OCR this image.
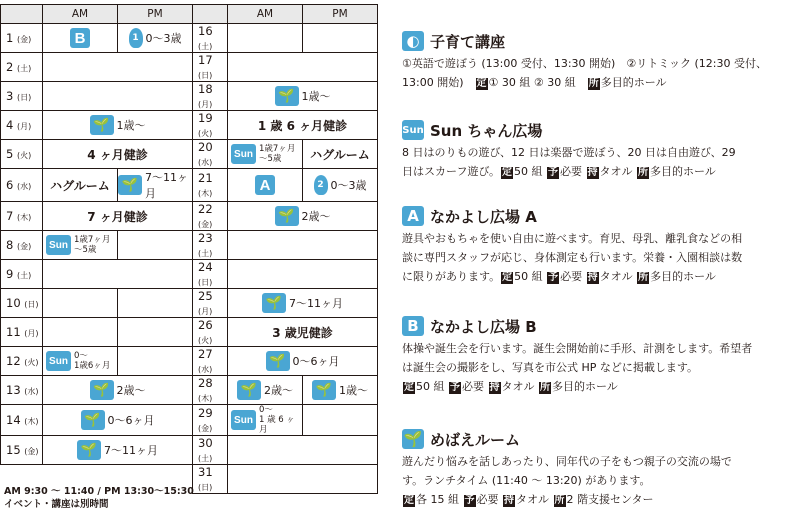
	AM	PM		AM	PM
1 (金)	B	1 0～3歳	16 (土)		
2 (土)			17 (日)		
3 (日)			18 (月)	🌱 1歳～	

4 (月)	🌱 1歳～		19 (火)	1 歳 6 ヶ月健診	
5 (火)	4 ヶ月健診		20 (水)	Sun 1歳7ヶ月
～5歳	ハグルーム
6 (水)	ハグルーム	🌱 7～11ヶ月	21 (木)	A	2 0～3歳

7 (木)	7 ヶ月健診		22 (金)	🌱 2歳～	

8 (金)	Sun 1歳7ヶ月
～5歳		23 (土)		
9 (土)			24 (日)		
10 (日)			25 (月)	🌱 7～11ヶ月	

11 (月)			26 (火)	3 歳児健診	
12 (火)	Sun 0～
1歳6ヶ月		27 (水)	🌱 0～6ヶ月	

13 (水)	🌱 2歳～		28 (木)	🌱 2歳～	🌱 1歳～

14 (木)	🌱 0～6ヶ月		29 (金)	Sun
0～
1 歳 6 ヶ月	

15 (金)	🌱 7～11ヶ月		30 (土)		
			31 (日)		
AM 9:30 ～ 11:40 / PM 13:30～15:30
イベント・講座は別時間
◐ 子育て講座
①英語で遊ぼう (13:00 受付、13:30 開始)　②リトミック (12:30 受付、
13:00 開始)　 定 ① 30 組 ② 30 組　 所 多目的ホール
Sun Sun ちゃん広場
8 日はのりもの遊び、12 日は楽器で遊ぼう、20 日は自由遊び、29
日はスカーフ遊び。 定 50 組 予 必要 持 タオル 所 多目的ホール
A なかよし広場 A
遊具やおもちゃを使い自由に遊べます。育児、母乳、離乳食などの相
談に専門スタッフが応じ、身体測定も行います。栄養・入園相談は数
に限りがあります。 定 50 組 予 必要 持 タオル 所 多目的ホール
B なかよし広場 B
体操や誕生会を行います。誕生会開始前に手形、計測をします。希望者
は誕生会の撮影をし、写真を市公式 HP などに掲載します。
定 50 組 予 必要 持 タオル 所 多目的ホール
🌱 めばえルーム
遊んだり悩みを話しあったり、同年代の子をもつ親子の交流の場で
す。ランチタイム (11:40 ～ 13:20) があります。
定 各 15 組 予 必要 持 タオル 所 2 階支援センター
